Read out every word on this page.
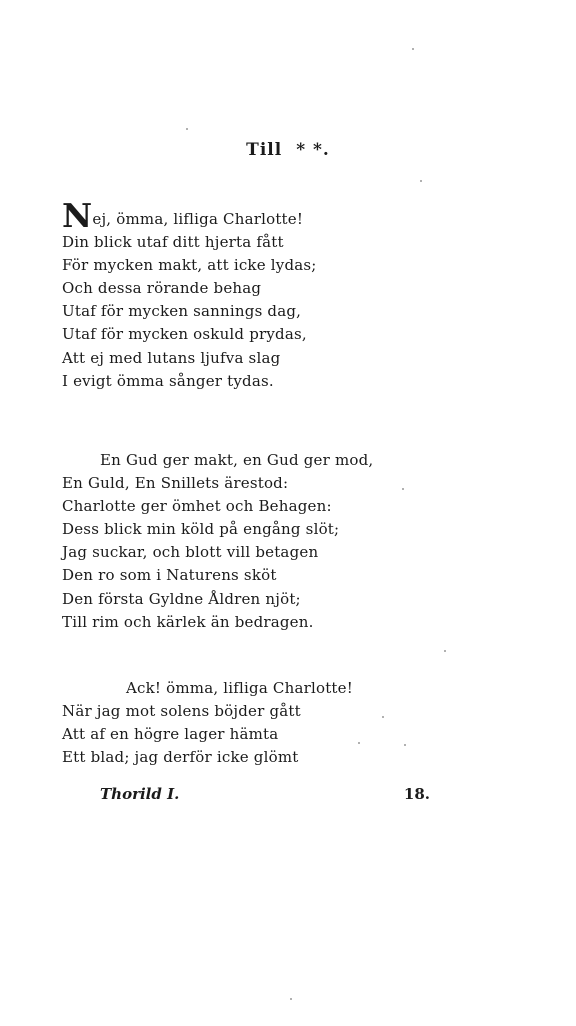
Till * *.
Nej, ömma, lifliga Charlotte!
Din blick utaf ditt hjerta fått
För mycken makt, att icke lydas;
Och dessa rörande behag
Utaf för mycken sannings dag,
Utaf för mycken oskuld prydas,
Att ej med lutans ljufva slag
I evigt ömma sånger tydas.
En Gud ger makt, en Gud ger mod,
En Guld, En Snillets ärestod:
Charlotte ger ömhet och Behagen:
Dess blick min köld på engång slöt;
Jag suckar, och blott vill betagen
Den ro som i Naturens sköt
Den första Gyldne Åldren njöt;
Till rim och kärlek än bedragen.
Ack! ömma, lifliga Charlotte!
När jag mot solens böjder gått
Att af en högre lager hämta
Ett blad; jag derför icke glömt
Thorild I.	18.
